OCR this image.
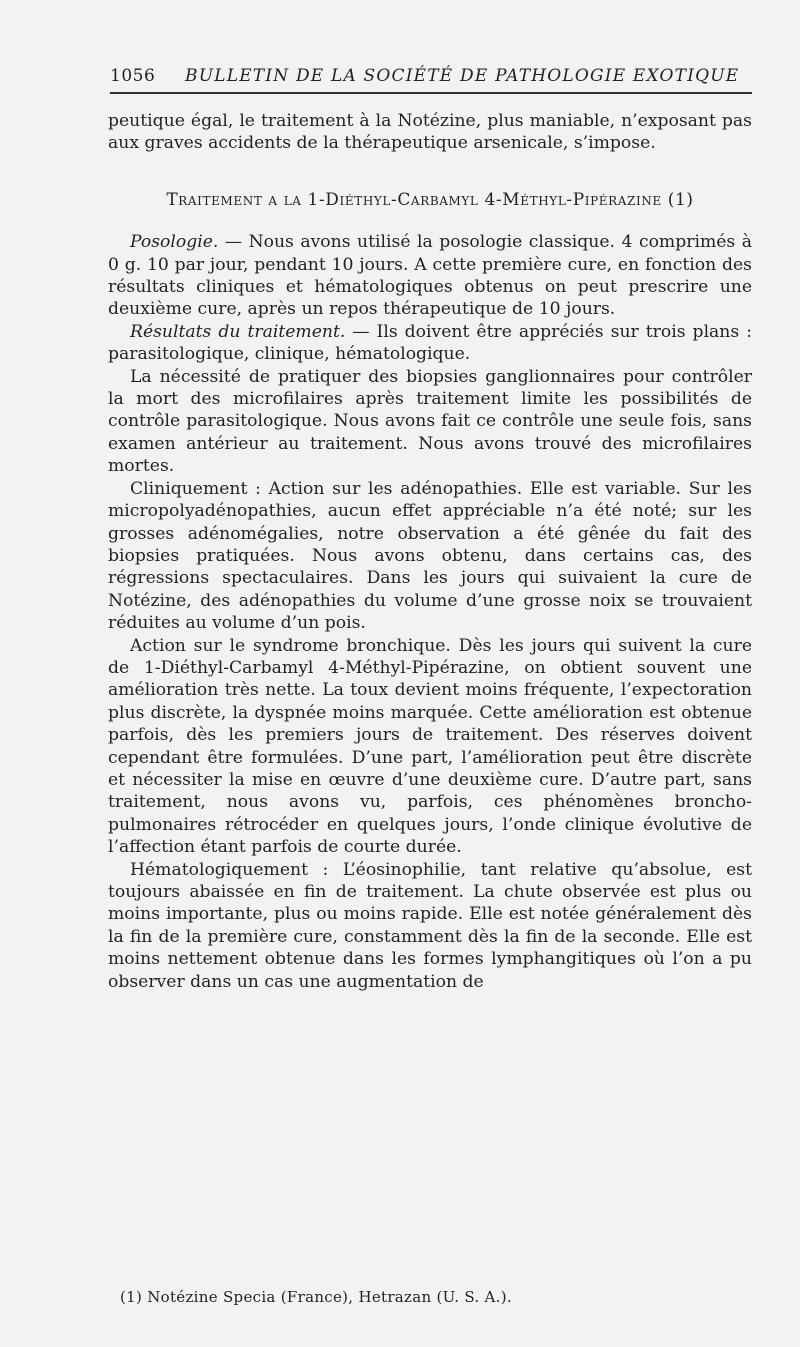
1056 BULLETIN DE LA SOCIÉTÉ DE PATHOLOGIE EXOTIQUE

peutique égal, le traitement à la Notézine, plus maniable, n’exposant pas aux graves accidents de la thérapeutique arsenicale, s’impose.

Traitement a la 1-Diéthyl-Carbamyl 4-Méthyl-Pipérazine (1)

Posologie. — Nous avons utilisé la posologie classique. 4 comprimés à 0 g. 10 par jour, pendant 10 jours. A cette première cure, en fonction des résultats cliniques et hématologiques obtenus on peut prescrire une deuxième cure, après un repos thérapeutique de 10 jours.

Résultats du traitement. — Ils doivent être appréciés sur trois plans : parasitologique, clinique, hématologique.

La nécessité de pratiquer des biopsies ganglionnaires pour contrôler la mort des microfilaires après traitement limite les possibilités de contrôle parasitologique. Nous avons fait ce contrôle une seule fois, sans examen antérieur au traitement. Nous avons trouvé des microfilaires mortes.

Cliniquement : Action sur les adénopathies. Elle est variable. Sur les micropolyadénopathies, aucun effet appréciable n’a été noté; sur les grosses adénomégalies, notre observation a été gênée du fait des biopsies pratiquées. Nous avons obtenu, dans certains cas, des régressions spectaculaires. Dans les jours qui suivaient la cure de Notézine, des adénopathies du volume d’une grosse noix se trouvaient réduites au volume d’un pois.

Action sur le syndrome bronchique. Dès les jours qui suivent la cure de 1-Diéthyl-Carbamyl 4-Méthyl-Pipérazine, on obtient souvent une amélioration très nette. La toux devient moins fréquente, l’expectoration plus discrète, la dyspnée moins marquée. Cette amélioration est obtenue parfois, dès les premiers jours de traitement. Des réserves doivent cependant être formulées. D’une part, l’amélioration peut être discrète et nécessiter la mise en œuvre d’une deuxième cure. D’autre part, sans traitement, nous avons vu, parfois, ces phénomènes broncho-pulmonaires rétrocéder en quelques jours, l’onde clinique évolutive de l’affection étant parfois de courte durée.

Hématologiquement : L’éosinophilie, tant relative qu’absolue, est toujours abaissée en fin de traitement. La chute observée est plus ou moins importante, plus ou moins rapide. Elle est notée généralement dès la fin de la première cure, constamment dès la fin de la seconde. Elle est moins nettement obtenue dans les formes lymphangitiques où l’on a pu observer dans un cas une augmentation de

(1) Notézine Specia (France), Hetrazan (U. S. A.).
